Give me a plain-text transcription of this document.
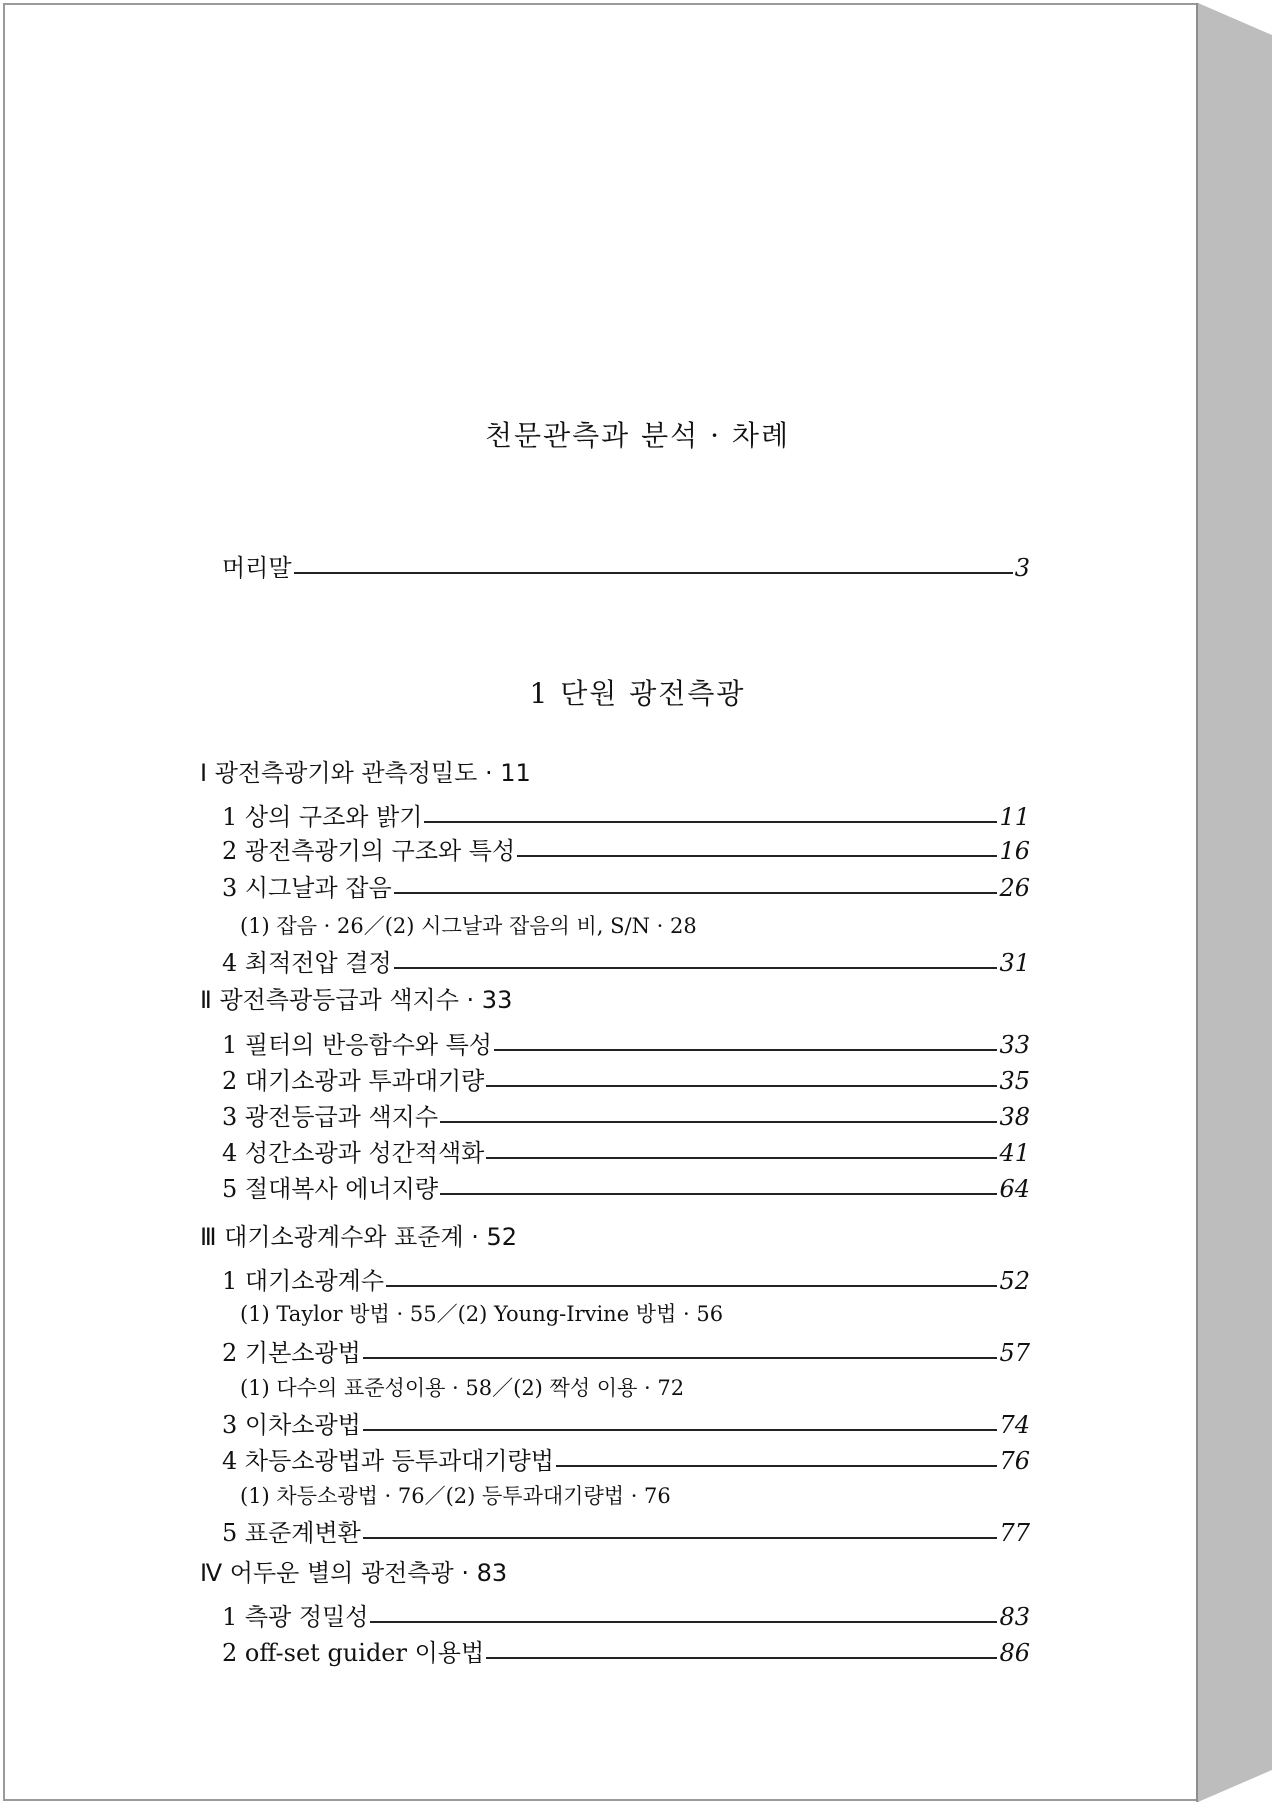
천문관측과 분석 · 차례
머리말	3
1 단원 광전측광
I 광전측광기와 관측정밀도 · 11
1 상의 구조와 밝기	11
2 광전측광기의 구조와 특성	16
3 시그날과 잡음	26
(1) 잡음 · 26／(2) 시그날과 잡음의 비, S/N · 28
4 최적전압 결정	31
Ⅱ 광전측광등급과 색지수 · 33
1 필터의 반응함수와 특성	33
2 대기소광과 투과대기량	35
3 광전등급과 색지수	38
4 성간소광과 성간적색화	41
5 절대복사 에너지량	64
Ⅲ 대기소광계수와 표준계 · 52
1 대기소광계수	52
(1) Taylor 방법 · 55／(2) Young-Irvine 방법 · 56
2 기본소광법	57
(1) 다수의 표준성이용 · 58／(2) 짝성 이용 · 72
3 이차소광법	74
4 차등소광법과 등투과대기량법	76
(1) 차등소광법 · 76／(2) 등투과대기량법 · 76
5 표준계변환	77
Ⅳ 어두운 별의 광전측광 · 83
1 측광 정밀성	83
2 off-set guider 이용법	86
